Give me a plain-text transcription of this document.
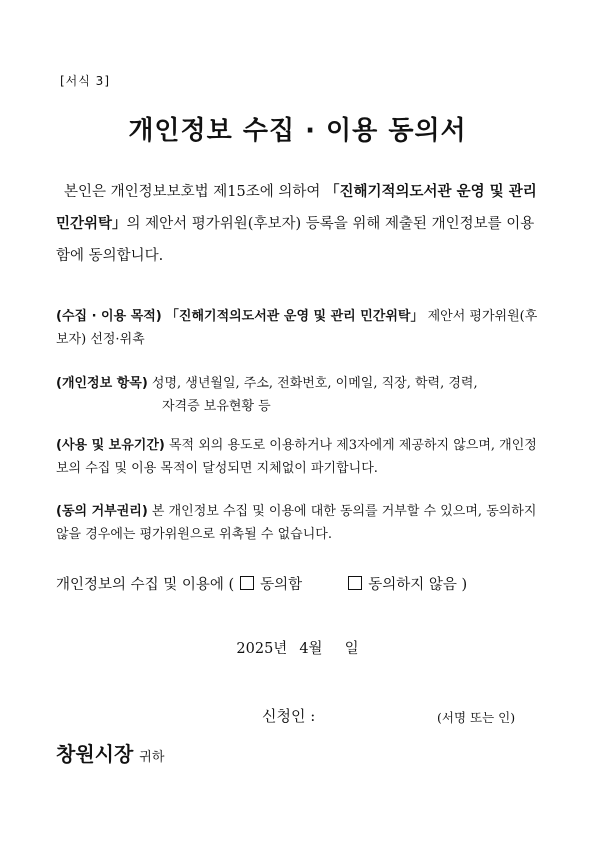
[서식 3]
개인정보 수집 · 이용 동의서
본인은 개인정보보호법 제15조에 의하여 「진해기적의도서관 운영 및 관리 민간위탁」의 제안서 평가위원(후보자) 등록을 위해 제출된 개인정보를 이용함에 동의합니다.
(수집 · 이용 목적) 「진해기적의도서관 운영 및 관리 민간위탁」 제안서 평가위원(후보자) 선정·위촉
(개인정보 항목) 성명, 생년월일, 주소, 전화번호, 이메일, 직장, 학력, 경력,
자격증 보유현황 등
(사용 및 보유기간) 목적 외의 용도로 이용하거나 제3자에게 제공하지 않으며, 개인정보의 수집 및 이용 목적이 달성되면 지체없이 파기합니다.
(동의 거부권리) 본 개인정보 수집 및 이용에 대한 동의를 거부할 수 있으며, 동의하지 않을 경우에는 평가위원으로 위촉될 수 없습니다.
개인정보의 수집 및 이용에 ( 동의함	동의하지 않음 )
2025년 4월 일
신청인 :	(서명 또는 인)
창원시장 귀하
